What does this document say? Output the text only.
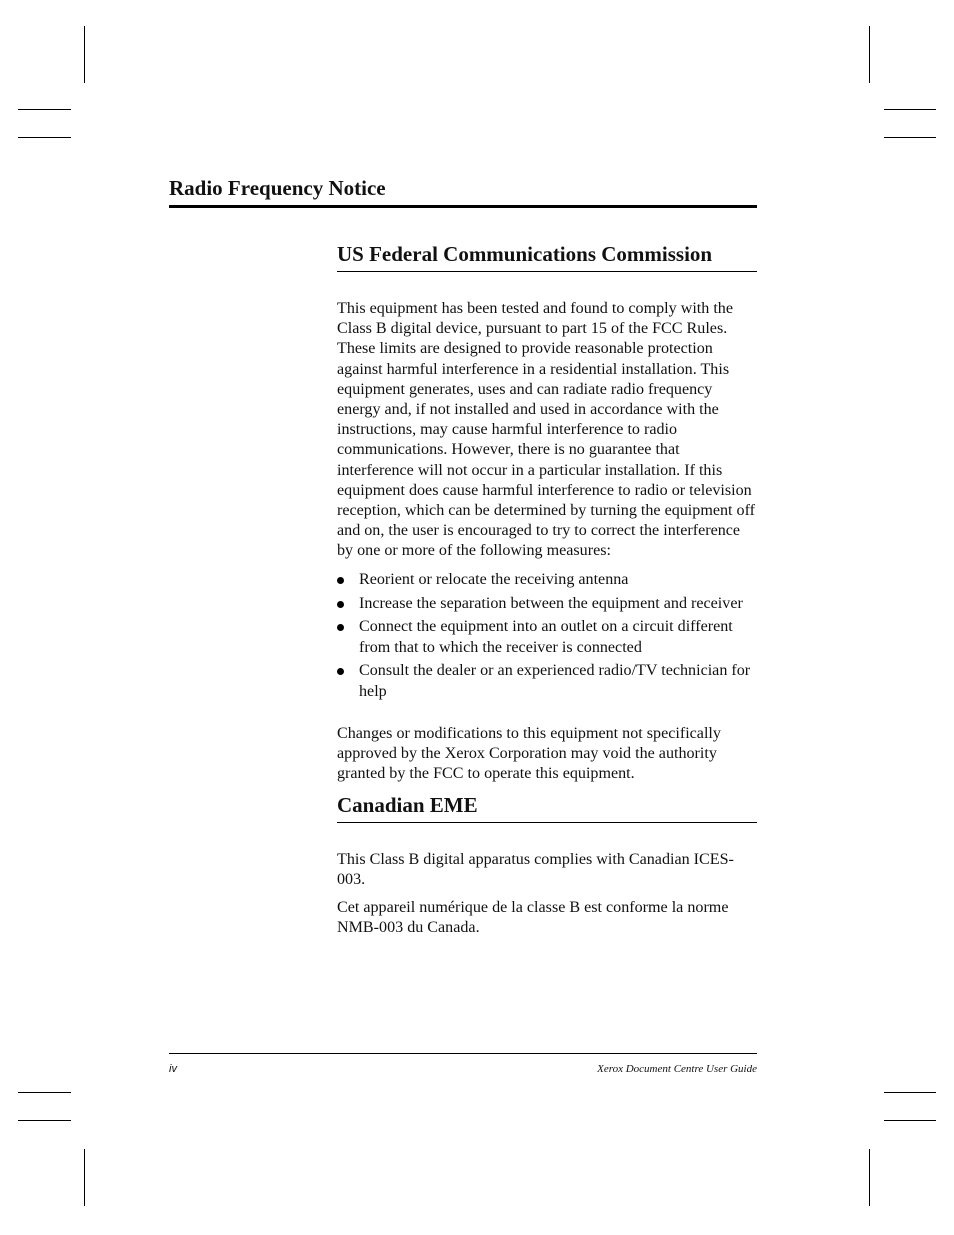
Radio Frequency Notice
US Federal Communications Commission

This equipment has been tested and found to comply with the Class B digital device, pursuant to part 15 of the FCC Rules. These limits are designed to provide reasonable protection against harmful interference in a residential installation. This equipment generates, uses and can radiate radio frequency energy and, if not installed and used in accordance with the instructions, may cause harmful interference to radio communications. However, there is no guarantee that interference will not occur in a particular installation. If this equipment does cause harmful interference to radio or television reception, which can be determined by turning the equipment off and on, the user is encouraged to try to correct the interference by one or more of the following measures:

Reorient or relocate the receiving antenna
Increase the separation between the equipment and receiver
Connect the equipment into an outlet on a circuit different from that to which the receiver is connected
Consult the dealer or an experienced radio/TV technician for help

Changes or modifications to this equipment not specifically approved by the Xerox Corporation may void the authority granted by the FCC to operate this equipment.

Canadian EME

This Class B digital apparatus complies with Canadian ICES-003.

Cet appareil numérique de la classe B est conforme la norme NMB-003 du Canada.

iv	Xerox Document Centre User Guide
